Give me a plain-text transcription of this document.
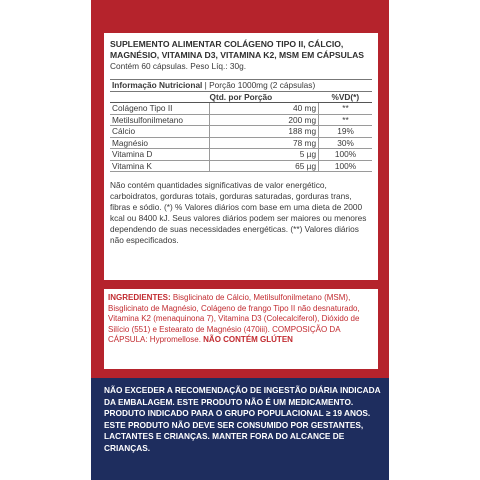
SUPLEMENTO ALIMENTAR COLÁGENO TIPO II, CÁLCIO, MAGNÉSIO, VITAMINA D3, VITAMINA K2, MSM EM CÁPSULAS

Contém 60 cápsulas. Peso Líq.: 30g.

Informação Nutricional | Porção 1000mg (2 cápsulas)		
	Qtd. por Porção	%VD(*)
Colágeno Tipo II	40 mg	**
Metilsulfonilmetano	200 mg	**
Cálcio	188 mg	19%
Magnésio	78 mg	30%
Vitamina D	5 µg	100%
Vitamina K	65 µg	100%

Não contém quantidades significativas de valor energético, carboidratos, gorduras totais, gorduras saturadas, gorduras trans, fibras e sódio. (*) % Valores diários com base em uma dieta de 2000 kcal ou 8400 kJ. Seus valores diários podem ser maiores ou menores dependendo de suas necessidades energéticas. (**) Valores diários não especificados.

INGREDIENTES: Bisglicinato de Cálcio, Metilsulfonilmetano (MSM), Bisglicinato de Magnésio, Colágeno de frango Tipo II não desnaturado, Vitamina K2 (menaquinona 7), Vitamina D3 (Colecalciferol), Dióxido de Silício (551) e Estearato de Magnésio (470iii). COMPOSIÇÃO DA CÁPSULA: Hypromellose. NÃO CONTÉM GLÚTEN

NÃO EXCEDER A RECOMENDAÇÃO DE INGESTÃO DIÁRIA INDICADA DA EMBALAGEM. ESTE PRODUTO NÃO É UM MEDICAMENTO. PRODUTO INDICADO PARA O GRUPO POPULACIONAL ≥ 19 ANOS. ESTE PRODUTO NÃO DEVE SER CONSUMIDO POR GESTANTES, LACTANTES E CRIANÇAS. MANTER FORA DO ALCANCE DE CRIANÇAS.
